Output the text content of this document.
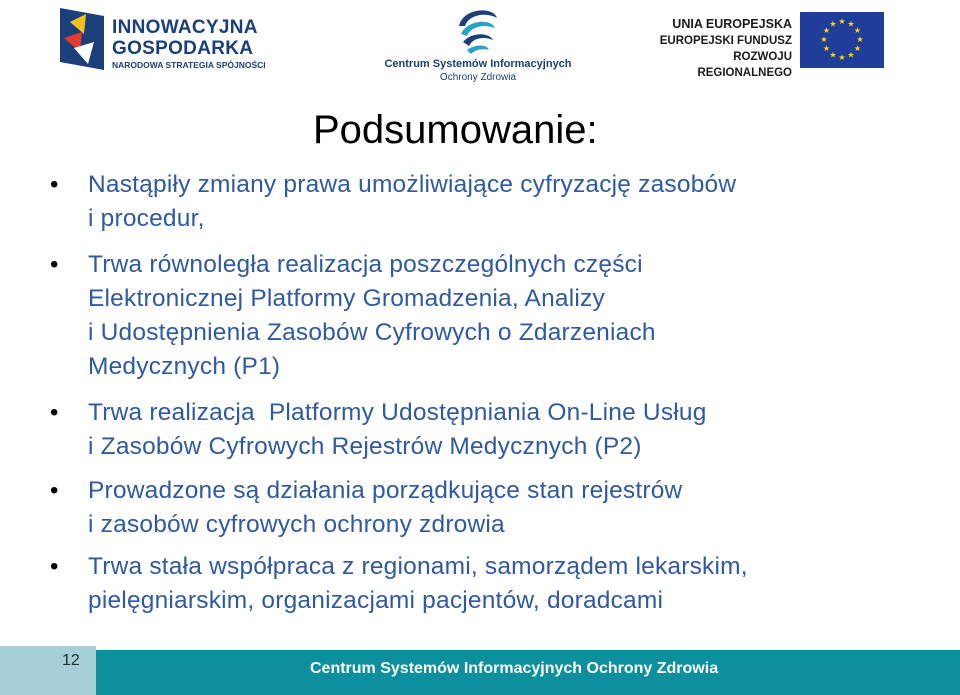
INNOWACYJNA
GOSPODARKA
NARODOWA STRATEGIA SPÓJNOŚCI	Centrum Systemów Informacyjnych
Ochrony Zdrowia
UNIA EUROPEJSKA
EUROPEJSKI FUNDUSZ
ROZWOJU REGIONALNEGO
★ ★
★
★
★
★
★
★
★
★
★
★
Podsumowanie:
• Nastąpiły zmiany prawa umożliwiające cyfryzację zasobów
i procedur,
• Trwa równoległa realizacja poszczególnych części
Elektronicznej Platformy Gromadzenia, Analizy
i Udostępnienia Zasobów Cyfrowych o Zdarzeniach
Medycznych (P1)
• Trwa realizacja  Platformy Udostępniania On-Line Usług
i Zasobów Cyfrowych Rejestrów Medycznych (P2)
• Prowadzone są działania porządkujące stan rejestrów
i zasobów cyfrowych ochrony zdrowia
• Trwa stała współpraca z regionami, samorządem lekarskim,
pielęgniarskim, organizacjami pacjentów, doradcami
12	Centrum Systemów Informacyjnych Ochrony Zdrowia
